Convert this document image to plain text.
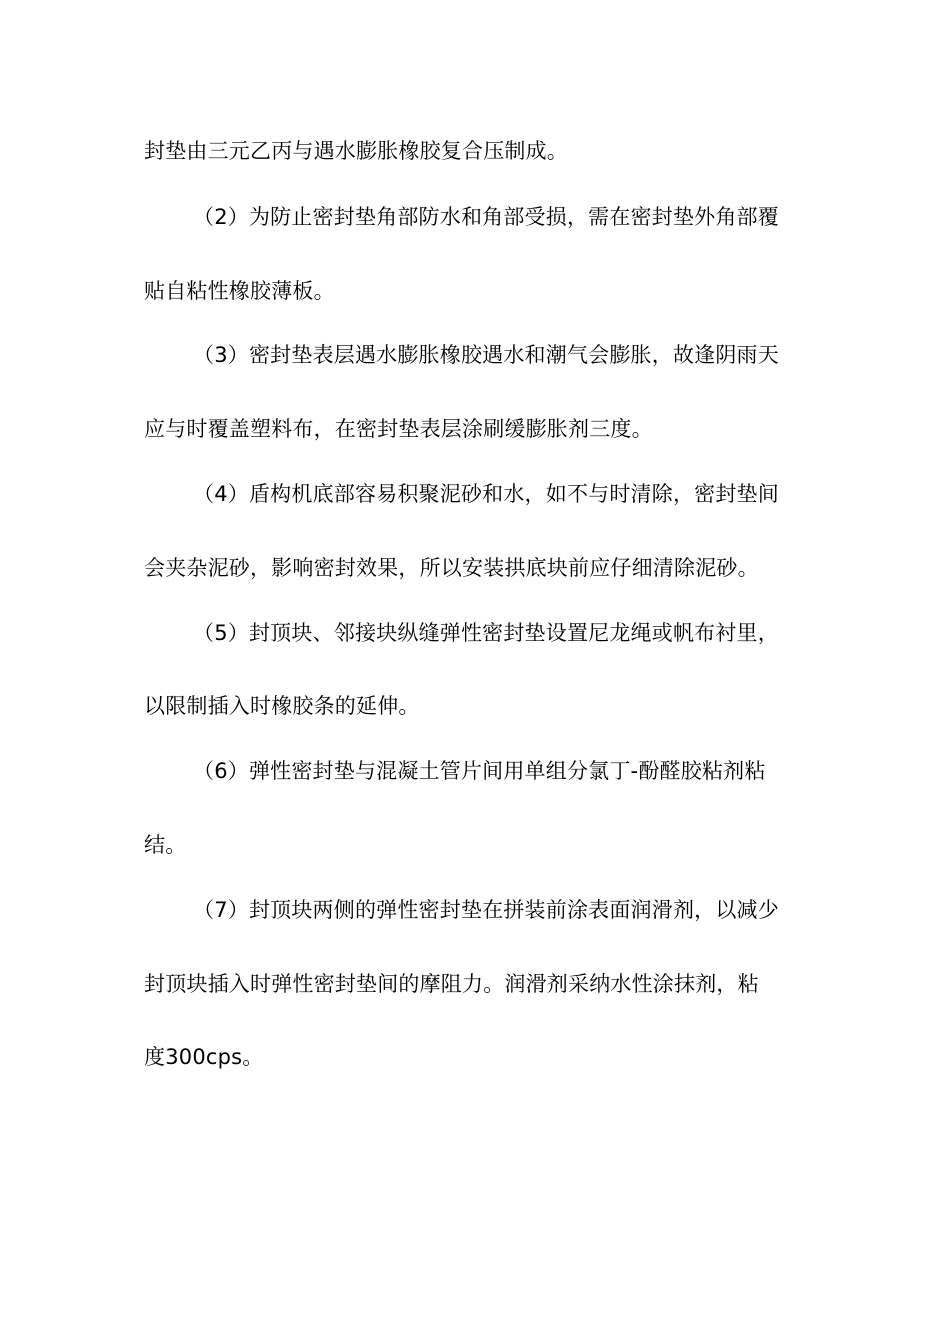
封垫由三元乙丙与遇水膨胀橡胶复合压制成。
（2）为防止密封垫角部防水和角部受损，需在密封垫外角部覆
贴自粘性橡胶薄板。
（3）密封垫表层遇水膨胀橡胶遇水和潮气会膨胀，故逢阴雨天
应与时覆盖塑料布，在密封垫表层涂刷缓膨胀剂三度。
（4）盾构机底部容易积聚泥砂和水，如不与时清除，密封垫间
会夹杂泥砂，影响密封效果，所以安装拱底块前应仔细清除泥砂。
（5）封顶块、邻接块纵缝弹性密封垫设置尼龙绳或帆布衬里，
以限制插入时橡胶条的延伸。
（6）弹性密封垫与混凝土管片间用单组分氯丁-酚醛胶粘剂粘
结。
（7）封顶块两侧的弹性密封垫在拼装前涂表面润滑剂，以减少
封顶块插入时弹性密封垫间的摩阻力。润滑剂采纳水性涂抹剂，粘
度300cps。
